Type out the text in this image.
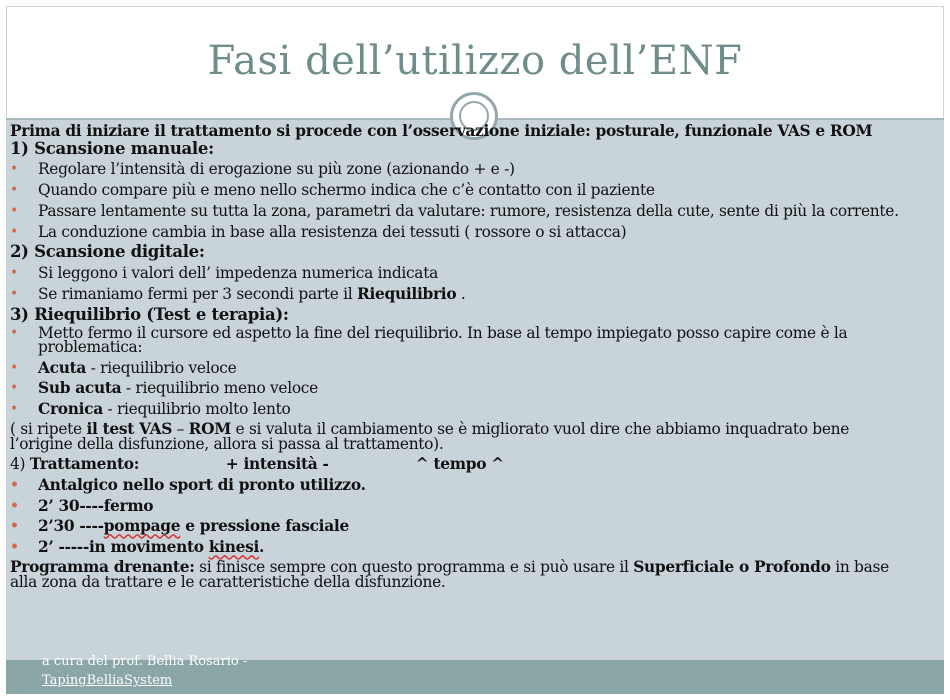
Fasi dell’utilizzo dell’ENF

Prima di iniziare il trattamento si procede con l’osservazione iniziale: posturale, funzionale VAS e ROM

1) Scansione manuale:

• Regolare l’intensità di erogazione su più zone (azionando + e -)

• Quando compare più e meno nello schermo indica che c’è contatto con il paziente

• Passare lentamente su tutta la zona, parametri da valutare: rumore, resistenza della cute, sente di più la corrente.

• La conduzione cambia in base alla resistenza dei tessuti ( rossore o si attacca)

2) Scansione digitale:

• Si leggono i valori dell’ impedenza numerica indicata

• Se rimaniamo fermi per 3 secondi parte il Riequilibrio .

3) Riequilibrio (Test e terapia):

• Metto fermo il cursore ed aspetto la fine del riequilibrio. In base al tempo impiegato posso capire come è la problematica:

• Acuta - riequilibrio veloce

• Sub acuta - riequilibrio meno veloce

• Cronica - riequilibrio molto lento

( si ripete il test VAS – ROM e si valuta il cambiamento se è migliorato vuol dire che abbiamo inquadrato bene l’origine della disfunzione, allora si passa al trattamento).

4) Trattamento:	+ intensità -	^ tempo ^

• Antalgico nello sport di pronto utilizzo.

• 2’ 30----fermo

• 2’30 ----pompage e pressione fasciale

• 2’ -----in movimento kinesi.

Programma drenante: si finisce sempre con questo programma e si può usare il Superficiale o Profondo in base alla zona da trattare e le caratteristiche della disfunzione.

a cura del prof. Bellia Rosario -
TapingBelliaSystem
